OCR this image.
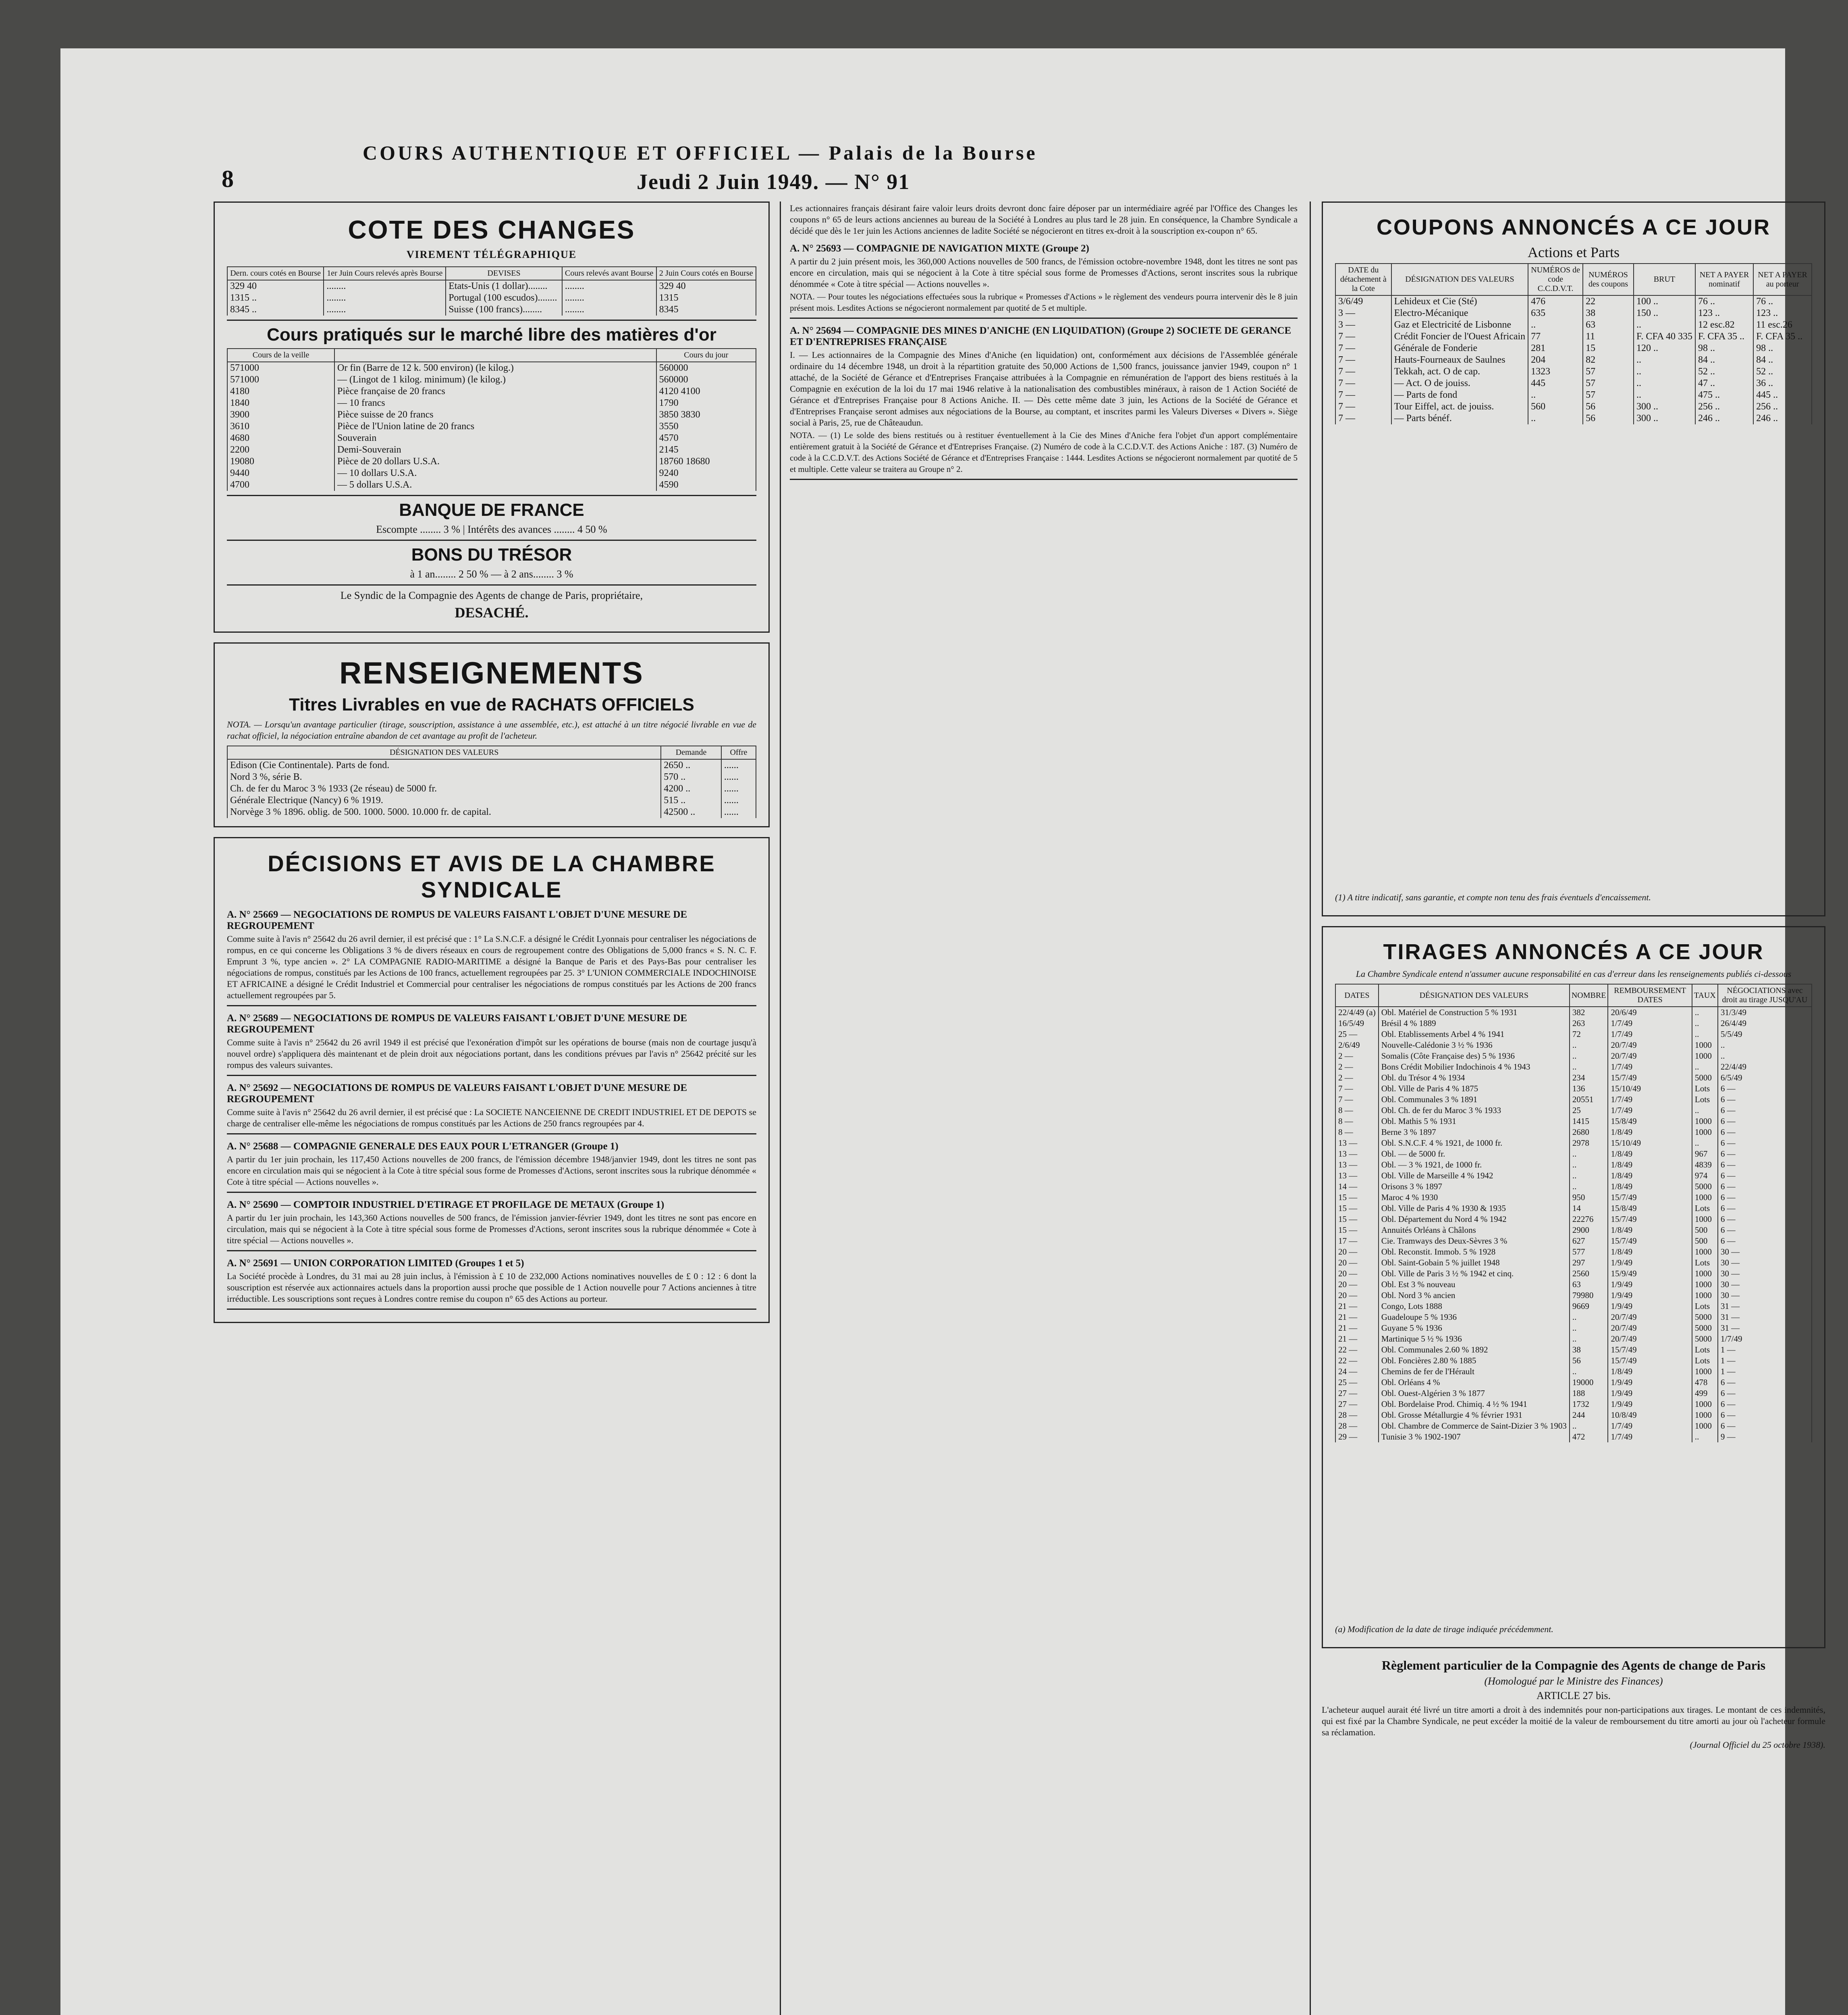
8
COURS AUTHENTIQUE ET OFFICIEL — Palais de la Bourse
Jeudi 2 Juin 1949. — N° 91
COTE DES CHANGES
VIREMENT TÉLÉGRAPHIQUE
Dern. cours cotés en Bourse	1er Juin Cours relevés après Bourse	DEVISES	Cours relevés avant Bourse	2 Juin Cours cotés en Bourse
329 40	........	Etats-Unis (1 dollar)........	........	329 40
1315 ..	........	Portugal (100 escudos)........	........	1315
8345 ..	........	Suisse (100 francs)........	........	8345
Cours pratiqués sur le marché libre des matières d'or
Cours de la veille		Cours du jour
571000	Or fin (Barre de 12 k. 500 environ) (le kilog.)	560000
571000	— (Lingot de 1 kilog. minimum) (le kilog.)	560000
4180	Pièce française de 20 francs	4120 4100
1840	— 10 francs	1790
3900	Pièce suisse de 20 francs	3850 3830
3610	Pièce de l'Union latine de 20 francs	3550
4680	Souverain	4570
2200	Demi-Souverain	2145
19080	Pièce de 20 dollars U.S.A.	18760 18680
9440	— 10 dollars U.S.A.	9240
4700	— 5 dollars U.S.A.	4590
BANQUE DE FRANCE
Escompte ........ 3 % | Intérêts des avances ........ 4 50 %
BONS DU TRÉSOR
à 1 an........ 2 50 % — à 2 ans........ 3 %
Le Syndic de la Compagnie des Agents de change de Paris, propriétaire,
DESACHÉ.
RENSEIGNEMENTS
Titres Livrables en vue de RACHATS OFFICIELS

NOTA. — Lorsqu'un avantage particulier (tirage, souscription, assistance à une assemblée, etc.), est attaché à un titre négocié livrable en vue de rachat officiel, la négociation entraîne abandon de cet avantage au profit de l'acheteur.

DÉSIGNATION DES VALEURS	Demande	Offre
Edison (Cie Continentale). Parts de fond.	2650 ..	......
Nord 3 %, série B.	570 ..	......
Ch. de fer du Maroc 3 % 1933 (2e réseau) de 5000 fr.	4200 ..	......
Générale Electrique (Nancy) 6 % 1919.	515 ..	......
Norvège 3 % 1896. oblig. de 500. 1000. 5000. 10.000 fr. de capital.	42500 ..	......
DÉCISIONS ET AVIS DE LA CHAMBRE SYNDICALE
A. N° 25669 — NEGOCIATIONS DE ROMPUS DE VALEURS FAISANT L'OBJET D'UNE MESURE DE REGROUPEMENT

Comme suite à l'avis n° 25642 du 26 avril dernier, il est précisé que : 1° La S.N.C.F. a désigné le Crédit Lyonnais pour centraliser les négociations de rompus, en ce qui concerne les Obligations 3 % de divers réseaux en cours de regroupement contre des Obligations de 5,000 francs « S. N. C. F. Emprunt 3 %, type ancien ». 2° LA COMPAGNIE RADIO-MARITIME a désigné la Banque de Paris et des Pays-Bas pour centraliser les négociations de rompus, constitués par les Actions de 100 francs, actuellement regroupées par 25. 3° L'UNION COMMERCIALE INDOCHINOISE ET AFRICAINE a désigné le Crédit Industriel et Commercial pour centraliser les négociations de rompus constitués par les Actions de 200 francs actuellement regroupées par 5.

A. N° 25689 — NEGOCIATIONS DE ROMPUS DE VALEURS FAISANT L'OBJET D'UNE MESURE DE REGROUPEMENT

Comme suite à l'avis n° 25642 du 26 avril 1949 il est précisé que l'exonération d'impôt sur les opérations de bourse (mais non de courtage jusqu'à nouvel ordre) s'appliquera dès maintenant et de plein droit aux négociations portant, dans les conditions prévues par l'avis n° 25642 précité sur les rompus des valeurs suivantes.

A. N° 25692 — NEGOCIATIONS DE ROMPUS DE VALEURS FAISANT L'OBJET D'UNE MESURE DE REGROUPEMENT

Comme suite à l'avis n° 25642 du 26 avril dernier, il est précisé que : La SOCIETE NANCEIENNE DE CREDIT INDUSTRIEL ET DE DEPOTS se charge de centraliser elle-même les négociations de rompus constitués par les Actions de 250 francs regroupées par 4.

A. N° 25688 — COMPAGNIE GENERALE DES EAUX POUR L'ETRANGER (Groupe 1)

A partir du 1er juin prochain, les 117,450 Actions nouvelles de 200 francs, de l'émission décembre 1948/janvier 1949, dont les titres ne sont pas encore en circulation mais qui se négocient à la Cote à titre spécial sous forme de Promesses d'Actions, seront inscrites sous la rubrique dénommée « Cote à titre spécial — Actions nouvelles ».

A. N° 25690 — COMPTOIR INDUSTRIEL D'ETIRAGE ET PROFILAGE DE METAUX (Groupe 1)

A partir du 1er juin prochain, les 143,360 Actions nouvelles de 500 francs, de l'émission janvier-février 1949, dont les titres ne sont pas encore en circulation, mais qui se négocient à la Cote à titre spécial sous forme de Promesses d'Actions, seront inscrites sous la rubrique dénommée « Cote à titre spécial — Actions nouvelles ».

A. N° 25691 — UNION CORPORATION LIMITED (Groupes 1 et 5)

La Société procède à Londres, du 31 mai au 28 juin inclus, à l'émission à £ 10 de 232,000 Actions nominatives nouvelles de £ 0 : 12 : 6 dont la souscription est réservée aux actionnaires actuels dans la proportion aussi proche que possible de 1 Action nouvelle pour 7 Actions anciennes à titre irréductible. Les souscriptions sont reçues à Londres contre remise du coupon n° 65 des Actions au porteur.

Les actionnaires français désirant faire valoir leurs droits devront donc faire déposer par un intermédiaire agréé par l'Office des Changes les coupons n° 65 de leurs actions anciennes au bureau de la Société à Londres au plus tard le 28 juin. En conséquence, la Chambre Syndicale a décidé que dès le 1er juin les Actions anciennes de ladite Société se négocieront en titres ex-droit à la souscription ex-coupon n° 65.

A. N° 25693 — COMPAGNIE DE NAVIGATION MIXTE (Groupe 2)

A partir du 2 juin présent mois, les 360,000 Actions nouvelles de 500 francs, de l'émission octobre-novembre 1948, dont les titres ne sont pas encore en circulation, mais qui se négocient à la Cote à titre spécial sous forme de Promesses d'Actions, seront inscrites sous la rubrique dénommée « Cote à titre spécial — Actions nouvelles ».

NOTA. — Pour toutes les négociations effectuées sous la rubrique « Promesses d'Actions » le règlement des vendeurs pourra intervenir dès le 8 juin présent mois. Lesdites Actions se négocieront normalement par quotité de 5 et multiple.

A. N° 25694 — COMPAGNIE DES MINES D'ANICHE (EN LIQUIDATION) (Groupe 2) SOCIETE DE GERANCE ET D'ENTREPRISES FRANÇAISE

I. — Les actionnaires de la Compagnie des Mines d'Aniche (en liquidation) ont, conformément aux décisions de l'Assemblée générale ordinaire du 14 décembre 1948, un droit à la répartition gratuite des 50,000 Actions de 1,500 francs, jouissance janvier 1949, coupon n° 1 attaché, de la Société de Gérance et d'Entreprises Française attribuées à la Compagnie en rémunération de l'apport des biens restitués à la Compagnie en exécution de la loi du 17 mai 1946 relative à la nationalisation des combustibles minéraux, à raison de 1 Action Société de Gérance et d'Entreprises Française pour 8 Actions Aniche. II. — Dès cette même date 3 juin, les Actions de la Société de Gérance et d'Entreprises Française seront admises aux négociations de la Bourse, au comptant, et inscrites parmi les Valeurs Diverses « Divers ». Siège social à Paris, 25, rue de Châteaudun.

NOTA. — (1) Le solde des biens restitués ou à restituer éventuellement à la Cie des Mines d'Aniche fera l'objet d'un apport complémentaire entièrement gratuit à la Société de Gérance et d'Entreprises Française. (2) Numéro de code à la C.C.D.V.T. des Actions Aniche : 187. (3) Numéro de code à la C.C.D.V.T. des Actions Société de Gérance et d'Entreprises Française : 1444. Lesdites Actions se négocieront normalement par quotité de 5 et multiple. Cette valeur se traitera au Groupe n° 2.

COUPONS ANNONCÉS A CE JOUR
Actions et Parts
DATE du détachement à la Cote	DÉSIGNATION DES VALEURS	NUMÉROS de code C.C.D.V.T.	NUMÉROS des coupons	BRUT	NET A PAYER nominatif	NET A PAYER au porteur
3/6/49	Lehideux et Cie (Sté)	476	22	100 ..	76 ..	76 ..
3 —	Electro-Mécanique	635	38	150 ..	123 ..	123 ..
3 —	Gaz et Electricité de Lisbonne	..	63	..	12 esc.82	11 esc.26
7 —	Crédit Foncier de l'Ouest Africain	77	11	F. CFA 40 335	F. CFA 35 ..	F. CFA 35 ..
7 —	Générale de Fonderie	281	15	120 ..	98 ..	98 ..
7 —	Hauts-Fourneaux de Saulnes	204	82	..	84 ..	84 ..
7 —	Tekkah, act. O de cap.	1323	57	..	52 ..	52 ..
7 —	— Act. O de jouiss.	445	57	..	47 ..	36 ..
7 —	— Parts de fond	..	57	..	475 ..	445 ..
7 —	Tour Eiffel, act. de jouiss.	560	56	300 ..	256 ..	256 ..
7 —	— Parts bénéf.	..	56	300 ..	246 ..	246 ..

(1) A titre indicatif, sans garantie, et compte non tenu des frais éventuels d'encaissement.

TIRAGES ANNONCÉS A CE JOUR

La Chambre Syndicale entend n'assumer aucune responsabilité en cas d'erreur dans les renseignements publiés ci-dessous

DATES	DÉSIGNATION DES VALEURS	NOMBRE	REMBOURSEMENT DATES	TAUX	NÉGOCIATIONS avec droit au tirage JUSQU'AU
22/4/49 (a)	Obl. Matériel de Construction 5 % 1931	382	20/6/49	..	31/3/49
16/5/49	Brésil 4 % 1889	263	1/7/49	..	26/4/49
25 —	Obl. Etablissements Arbel 4 % 1941	72	1/7/49	..	5/5/49
2/6/49	Nouvelle-Calédonie 3 ½ % 1936	..	20/7/49	1000	..
2 —	Somalis (Côte Française des) 5 % 1936	..	20/7/49	1000	..
2 —	Bons Crédit Mobilier Indochinois 4 % 1943	..	1/7/49	..	22/4/49
2 —	Obl. du Trésor 4 % 1934	234	15/7/49	5000	6/5/49
7 —	Obl. Ville de Paris 4 % 1875	136	15/10/49	Lots	6 —
7 —	Obl. Communales 3 % 1891	20551	1/7/49	Lots	6 —
8 —	Obl. Ch. de fer du Maroc 3 % 1933	25	1/7/49	..	6 —
8 —	Obl. Mathis 5 % 1931	1415	15/8/49	1000	6 —
8 —	Berne 3 % 1897	2680	1/8/49	1000	6 —
13 —	Obl. S.N.C.F. 4 % 1921, de 1000 fr.	2978	15/10/49	..	6 —
13 —	Obl. — de 5000 fr.	..	1/8/49	967	6 —
13 —	Obl. — 3 % 1921, de 1000 fr.	..	1/8/49	4839	6 —
13 —	Obl. Ville de Marseille 4 % 1942	..	1/8/49	974	6 —
14 —	Orisons 3 % 1897	..	1/8/49	5000	6 —
15 —	Maroc 4 % 1930	950	15/7/49	1000	6 —
15 —	Obl. Ville de Paris 4 % 1930 & 1935	14	15/8/49	Lots	6 —
15 —	Obl. Département du Nord 4 % 1942	22276	15/7/49	1000	6 —
15 —	Annuités Orléans à Châlons	2900	1/8/49	500	6 —
17 —	Cie. Tramways des Deux-Sèvres 3 %	627	15/7/49	500	6 —
20 —	Obl. Reconstit. Immob. 5 % 1928	577	1/8/49	1000	30 —
20 —	Obl. Saint-Gobain 5 % juillet 1948	297	1/9/49	Lots	30 —
20 —	Obl. Ville de Paris 3 ½ % 1942 et cinq.	2560	15/9/49	1000	30 —
20 —	Obl. Est 3 % nouveau	63	1/9/49	1000	30 —
20 —	Obl. Nord 3 % ancien	79980	1/9/49	1000	30 —
21 —	Congo, Lots 1888	9669	1/9/49	Lots	31 —
21 —	Guadeloupe 5 % 1936	..	20/7/49	5000	31 —
21 —	Guyane 5 % 1936	..	20/7/49	5000	31 —
21 —	Martinique 5 ½ % 1936	..	20/7/49	5000	1/7/49
22 —	Obl. Communales 2.60 % 1892	38	15/7/49	Lots	1 —
22 —	Obl. Foncières 2.80 % 1885	56	15/7/49	Lots	1 —
24 —	Chemins de fer de l'Hérault	..	1/8/49	1000	1 —
25 —	Obl. Orléans 4 %	19000	1/9/49	478	6 —
27 —	Obl. Ouest-Algérien 3 % 1877	188	1/9/49	499	6 —
27 —	Obl. Bordelaise Prod. Chimiq. 4 ½ % 1941	1732	1/9/49	1000	6 —
28 —	Obl. Grosse Métallurgie 4 % février 1931	244	10/8/49	1000	6 —
28 —	Obl. Chambre de Commerce de Saint-Dizier 3 % 1903	..	1/7/49	1000	6 —
29 —	Tunisie 3 % 1902-1907	472	1/7/49	..	9 —

(a) Modification de la date de tirage indiquée précédemment.

Règlement particulier de la Compagnie des Agents de change de Paris
(Homologué par le Ministre des Finances)
ARTICLE 27 bis.

L'acheteur auquel aurait été livré un titre amorti a droit à des indemnités pour non-participations aux tirages. Le montant de ces indemnités, qui est fixé par la Chambre Syndicale, ne peut excéder la moitié de la valeur de remboursement du titre amorti au jour où l'acheteur formule sa réclamation.

(Journal Officiel du 25 octobre 1938).
